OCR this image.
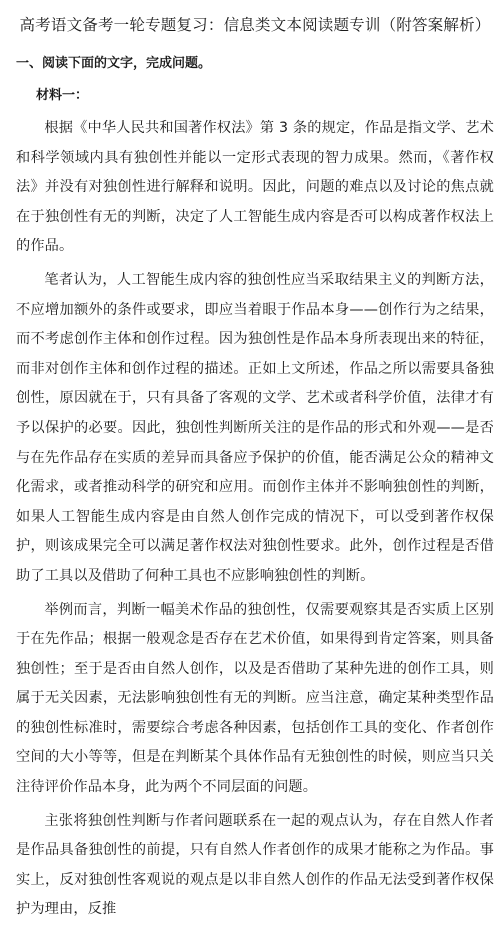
高考语文备考一轮专题复习：信息类文本阅读题专训（附答案解析）
一、阅读下面的文字，完成问题。
材料一：

根据《中华人民共和国著作权法》第 3 条的规定，作品是指文学、艺术和科学领域内具有独创性并能以一定形式表现的智力成果。然而，《著作权法》并没有对独创性进行解释和说明。因此，问题的难点以及讨论的焦点就在于独创性有无的判断，决定了人工智能生成内容是否可以构成著作权法上的作品。

笔者认为，人工智能生成内容的独创性应当采取结果主义的判断方法，不应增加额外的条件或要求，即应当着眼于作品本身——创作行为之结果，而不考虑创作主体和创作过程。因为独创性是作品本身所表现出来的特征，而非对创作主体和创作过程的描述。正如上文所述，作品之所以需要具备独创性，原因就在于，只有具备了客观的文学、艺术或者科学价值，法律才有予以保护的必要。因此，独创性判断所关注的是作品的形式和外观——是否与在先作品存在实质的差异而具备应予保护的价值，能否满足公众的精神文化需求，或者推动科学的研究和应用。而创作主体并不影响独创性的判断，如果人工智能生成内容是由自然人创作完成的情况下，可以受到著作权保护，则该成果完全可以满足著作权法对独创性要求。此外，创作过程是否借助了工具以及借助了何种工具也不应影响独创性的判断。

举例而言，判断一幅美术作品的独创性，仅需要观察其是否实质上区别于在先作品；根据一般观念是否存在艺术价值，如果得到肯定答案，则具备独创性；至于是否由自然人创作，以及是否借助了某种先进的创作工具，则属于无关因素，无法影响独创性有无的判断。应当注意，确定某种类型作品的独创性标准时，需要综合考虑各种因素，包括创作工具的变化、作者创作空间的大小等等，但是在判断某个具体作品有无独创性的时候，则应当只关注待评价作品本身，此为两个不同层面的问题。

主张将独创性判断与作者问题联系在一起的观点认为，存在自然人作者是作品具备独创性的前提，只有自然人作者创作的成果才能称之为作品。事实上，反对独创性客观说的观点是以非自然人创作的作品无法受到著作权保护为理由，反推
